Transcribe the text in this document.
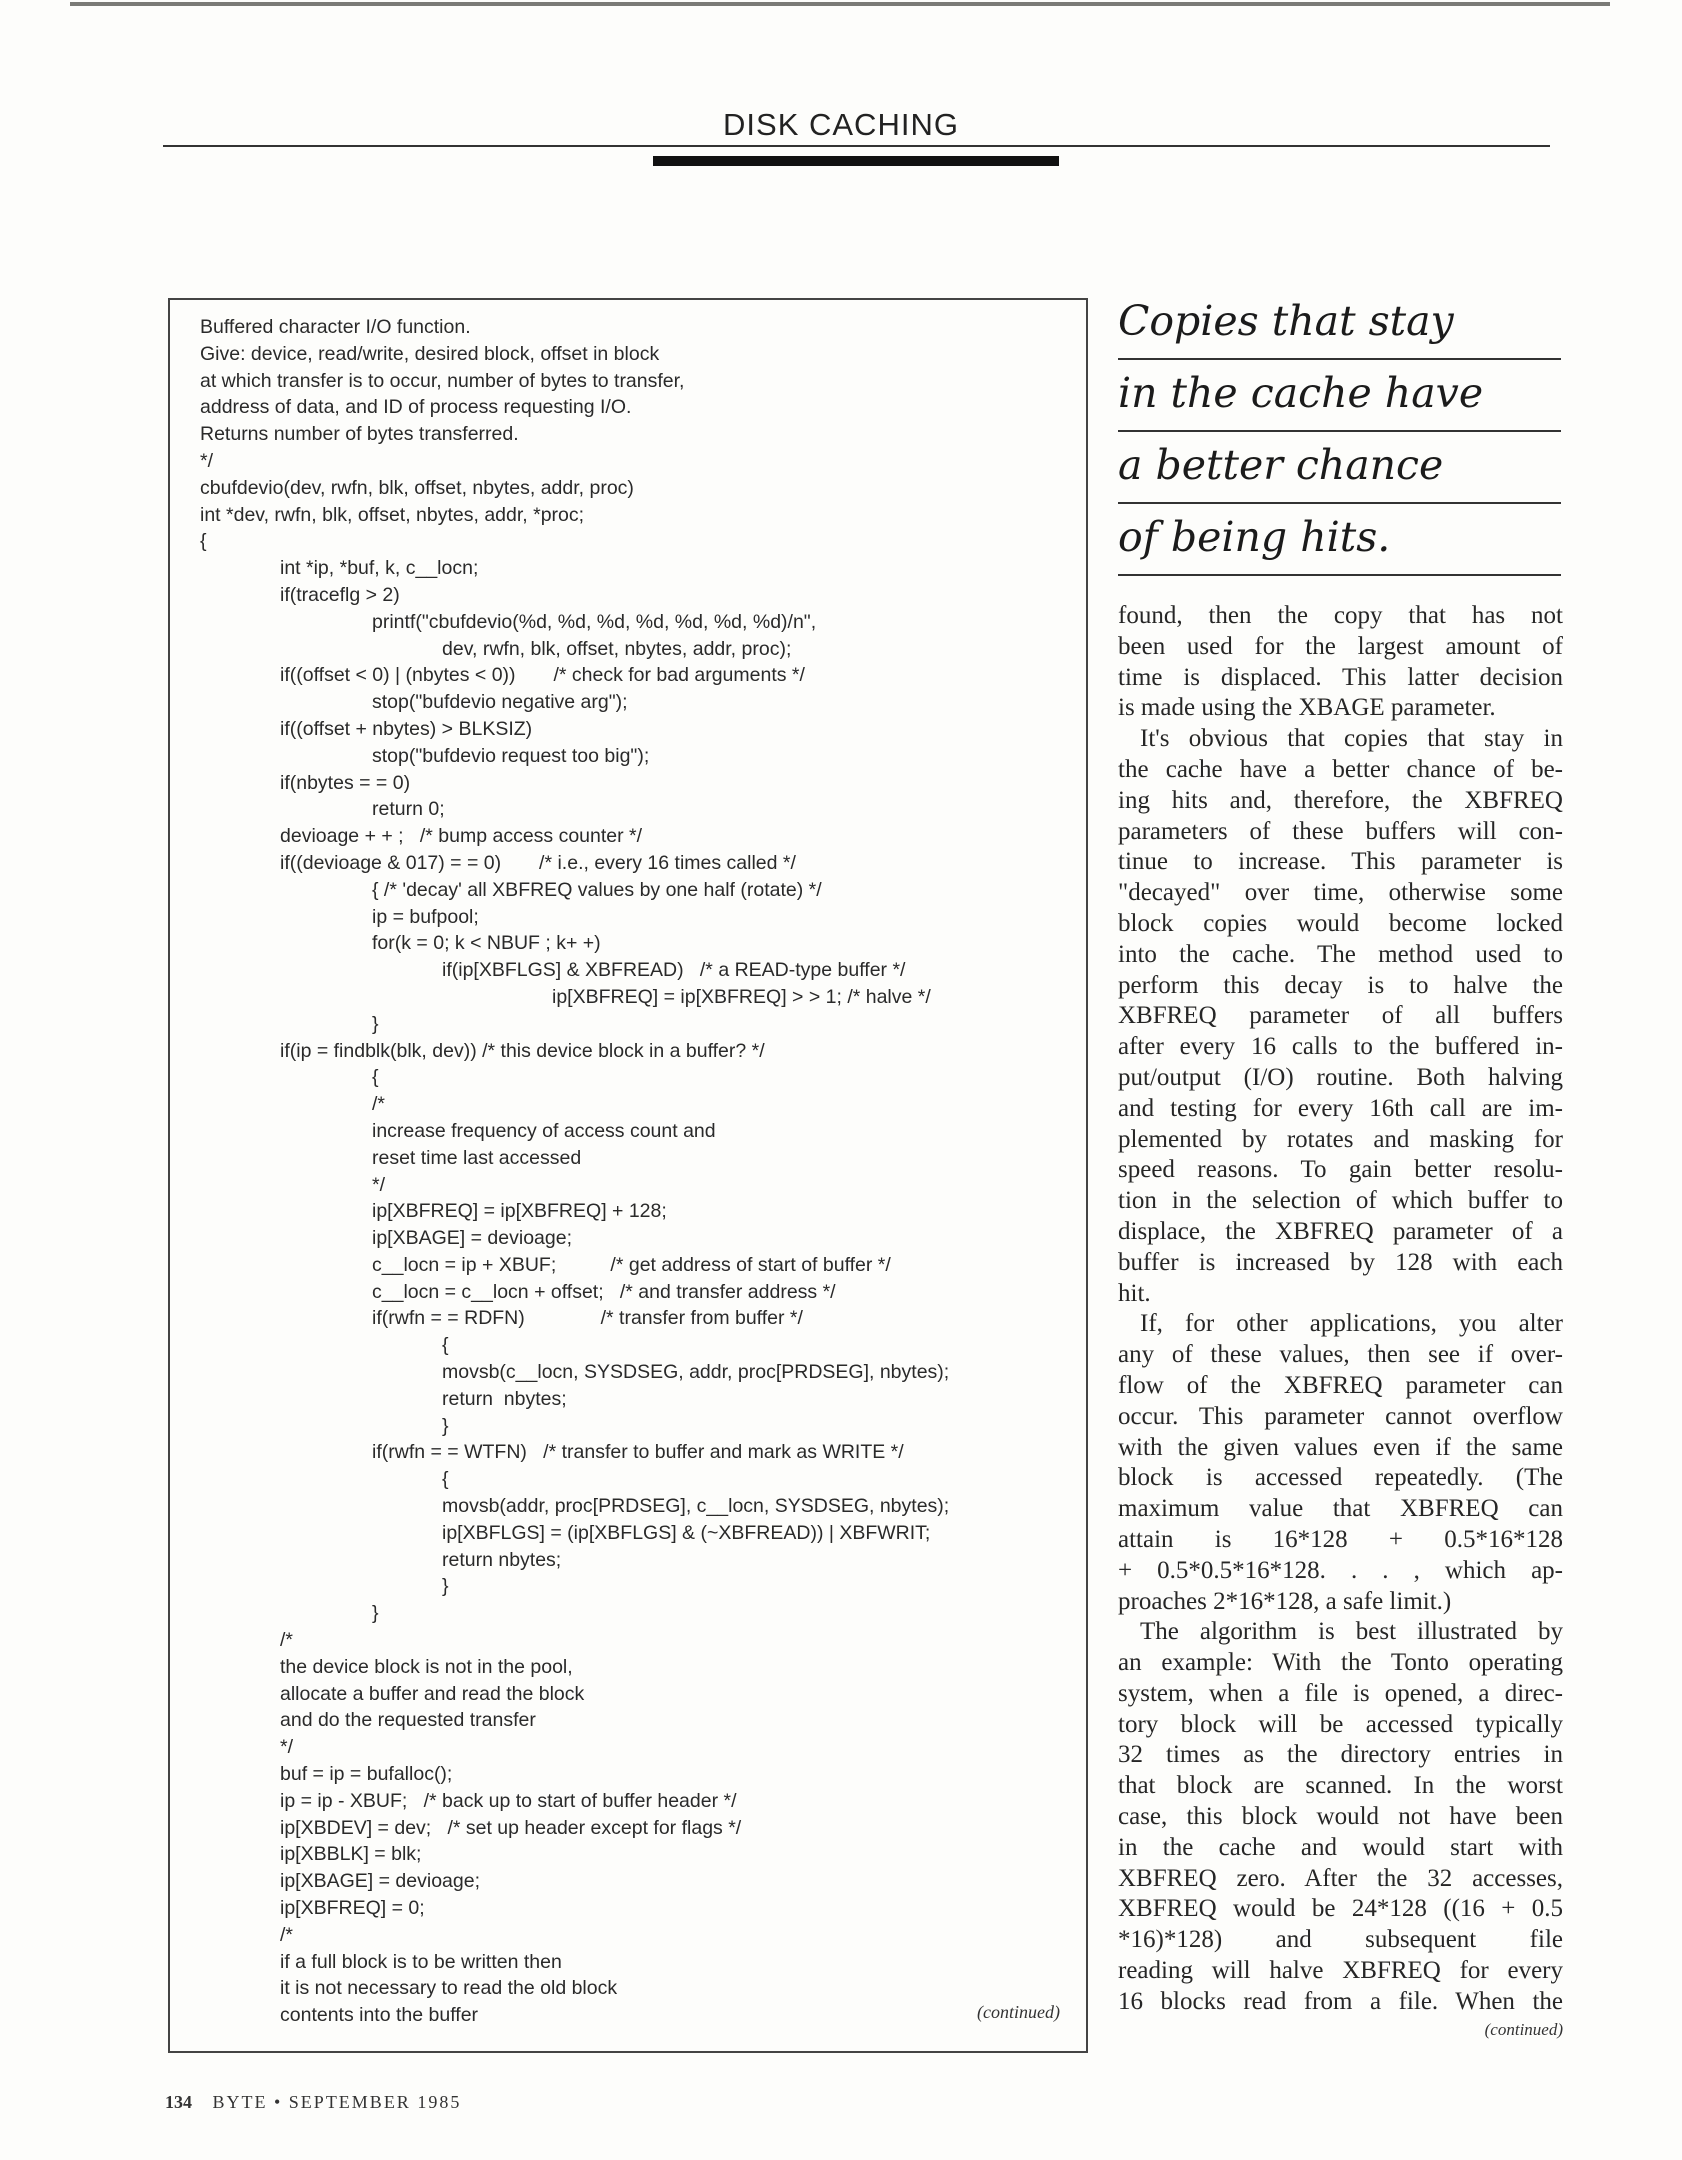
DISK CACHING
Buffered character I/O function.
Give: device, read/write, desired block, offset in block
at which transfer is to occur, number of bytes to transfer,
address of data, and ID of process requesting I/O.
Returns number of bytes transferred.
*/
cbufdevio(dev, rwfn, blk, offset, nbytes, addr, proc)
int *dev, rwfn, blk, offset, nbytes, addr, *proc;
{
int *ip, *buf, k, c__locn;
if(traceflg > 2)
printf("cbufdevio(%d, %d, %d, %d, %d, %d, %d)/n",
dev, rwfn, blk, offset, nbytes, addr, proc);
if((offset < 0) | (nbytes < 0))       /* check for bad arguments */
stop("bufdevio negative arg");
if((offset + nbytes) > BLKSIZ)
stop("bufdevio request too big");
if(nbytes = = 0)
return 0;
devioage + + ;   /* bump access counter */
if((devioage & 017) = = 0)       /* i.e., every 16 times called */
{ /* 'decay' all XBFREQ values by one half (rotate) */
ip = bufpool;
for(k = 0; k < NBUF ; k+ +)
if(ip[XBFLGS] & XBFREAD)   /* a READ-type buffer */
ip[XBFREQ] = ip[XBFREQ] > > 1; /* halve */
}
if(ip = findblk(blk, dev)) /* this device block in a buffer? */
{
/*
increase frequency of access count and
reset time last accessed
*/
ip[XBFREQ] = ip[XBFREQ] + 128;
ip[XBAGE] = devioage;
c__locn = ip + XBUF;          /* get address of start of buffer */
c__locn = c__locn + offset;   /* and transfer address */
if(rwfn = = RDFN)              /* transfer from buffer */
{
movsb(c__locn, SYSDSEG, addr, proc[PRDSEG], nbytes);
return  nbytes;
}
if(rwfn = = WTFN)   /* transfer to buffer and mark as WRITE */
{
movsb(addr, proc[PRDSEG], c__locn, SYSDSEG, nbytes);
ip[XBFLGS] = (ip[XBFLGS] & (~XBFREAD)) | XBFWRIT;
return nbytes;
}
}
/*
the device block is not in the pool,
allocate a buffer and read the block
and do the requested transfer
*/
buf = ip = bufalloc();
ip = ip - XBUF;   /* back up to start of buffer header */
ip[XBDEV] = dev;   /* set up header except for flags */
ip[XBBLK] = blk;
ip[XBAGE] = devioage;
ip[XBFREQ] = 0;
/*
if a full block is to be written then
it is not necessary to read the old block
contents into the buffer	(continued)
Copies that stay
in the cache have
a better chance
of being hits.
found, then the copy that has not
been used for the largest amount of
time is displaced. This latter decision
is made using the XBAGE parameter.
It's obvious that copies that stay in
the cache have a better chance of be-
ing hits and, therefore, the XBFREQ
parameters of these buffers will con-
tinue to increase. This parameter is
"decayed" over time, otherwise some
block copies would become locked
into the cache. The method used to
perform this decay is to halve the
XBFREQ parameter of all buffers
after every 16 calls to the buffered in-
put/output (I/O) routine. Both halving
and testing for every 16th call are im-
plemented by rotates and masking for
speed reasons. To gain better resolu-
tion in the selection of which buffer to
displace, the XBFREQ parameter of a
buffer is increased by 128 with each
hit.
If, for other applications, you alter
any of these values, then see if over-
flow of the XBFREQ parameter can
occur. This parameter cannot overflow
with the given values even if the same
block is accessed repeatedly. (The
maximum value that XBFREQ can
attain is 16*128 + 0.5*16*128
+ 0.5*0.5*16*128. . . , which ap-
proaches 2*16*128, a safe limit.)
The algorithm is best illustrated by
an example: With the Tonto operating
system, when a file is opened, a direc-
tory block will be accessed typically
32 times as the directory entries in
that block are scanned. In the worst
case, this block would not have been
in the cache and would start with
XBFREQ zero. After the 32 accesses,
XBFREQ would be 24*128 ((16 + 0.5
*16)*128) and subsequent file
reading will halve XBFREQ for every
16 blocks read from a file. When the
(continued)
134 BYTE • SEPTEMBER 1985
